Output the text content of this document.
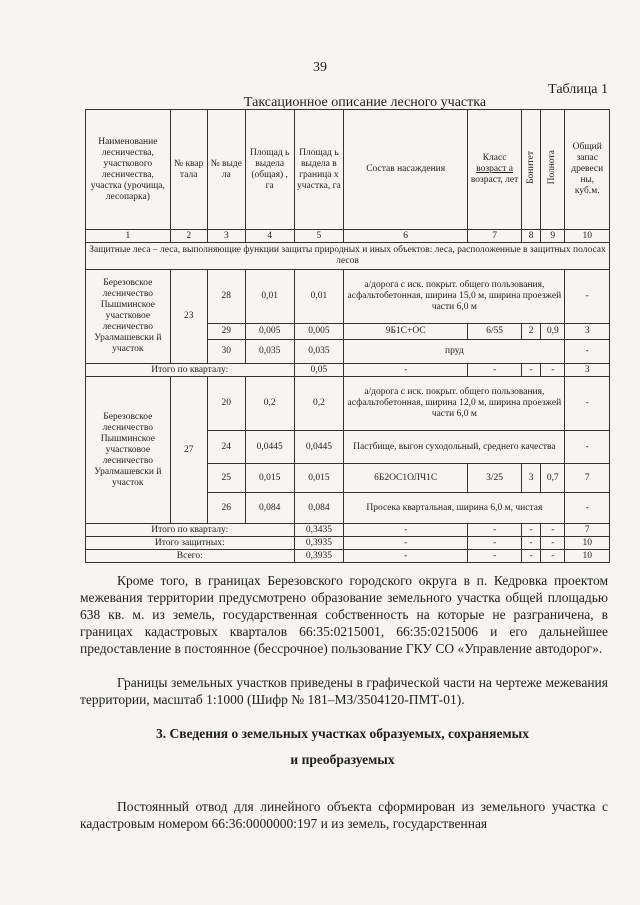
39
Таблица 1
Таксационное описание лесного участка
Наименование лесничества, участкового лесничества, участка (урочища, лесопарка)	№ квар тала	№ выде ла	Площад ь выдела (общая) , га	Площад ь выдела в граница х участка, га	Состав насаждения	Класс
возраст а
возраст, лет	Бонитет	Полнота	Общий запас древеси ны, куб.м.
1	2	3	4	5	6	7	8	9	10
Защитные леса – леса, выполняющие функции защиты природных и иных объектов: леса, расположенные в защитных полосах лесов									
Березовское лесничество Пышминское участковое лесничество Уралмашевски й участок	23	28	0,01	0,01	а/дорога с иск. покрыт. общего пользования, асфальтобетонная, ширина 15,0 м, ширина проезжей части 6,0 м				-
		29	0,005	0,005	9Б1С+ОС	6/55	2	0,9	3
		30	0,035	0,035	пруд				-
Итого по кварталу:				0,05	-	-	-	-	3
Березовское лесничество Пышминское участковое лесничество Уралмашевски й участок	27	20	0,2	0,2	а/дорога с иск. покрыт. общего пользования, асфальтобетонная, ширина 12,0 м, ширина проезжей части 6,0 м				-
		24	0,0445	0,0445	Пастбище, выгон суходольный, среднего качества				-
		25	0,015	0,015	6Б2ОС1ОЛЧ1С	3/25	3	0,7	7
		26	0,084	0,084	Просека квартальная, ширина 6,0 м, чистая				-
Итого по кварталу:				0,3435	-	-	-	-	7
Итого защитных:				0,3935	-	-	-	-	10
Всего:				0,3935	-	-	-	-	10
Кроме того, в границах Березовского городского округа в п. Кедровка проектом межевания территории предусмотрено образование земельного участка общей площадью 638 кв. м. из земель, государственная собственность на которые не разграничена, в границах кадастровых кварталов 66:35:0215001, 66:35:0215006 и его дальнейшее предоставление в постоянное (бессрочное) пользование ГКУ СО «Управление автодорог».
Границы земельных участков приведены в графической части на чертеже межевания территории, масштаб 1:1000 (Шифр № 181–МЗ/3504120-ПМТ-01).
3. Сведения о земельных участках образуемых, сохраняемых
и преобразуемых
Постоянный отвод для линейного объекта сформирован из земельного участка с кадастровым номером 66:36:0000000:197 и из земель, государственная
